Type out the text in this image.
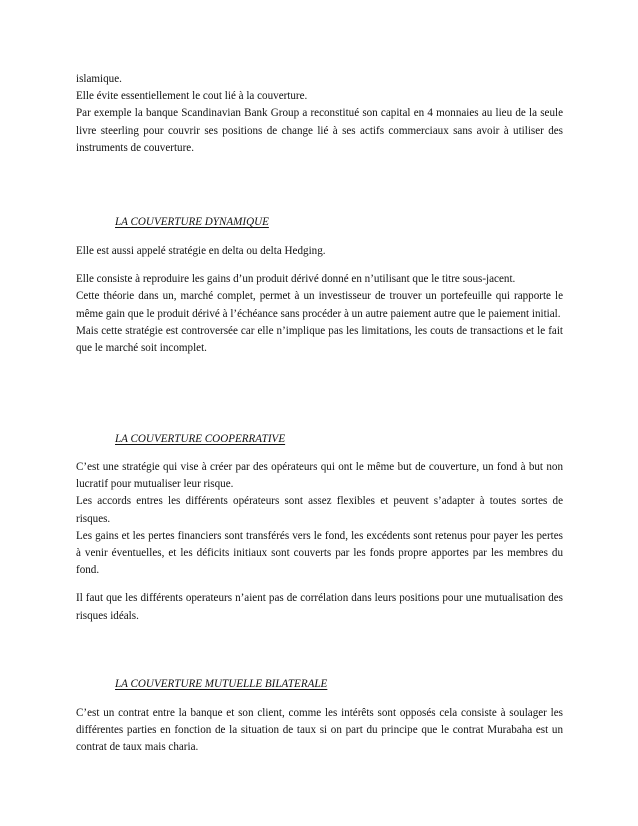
islamique.
Elle évite essentiellement le cout lié à la couverture.
Par exemple la banque Scandinavian Bank Group a reconstitué son capital en 4 monnaies au lieu de la seule livre steerling pour couvrir ses positions de change lié à ses actifs commerciaux sans avoir à utiliser des instruments de couverture.
LA COUVERTURE DYNAMIQUE
Elle est aussi appelé stratégie en delta ou delta Hedging.
Elle consiste à reproduire les gains d’un produit dérivé donné en n’utilisant que le titre sous-jacent.
Cette théorie dans un, marché complet, permet à un investisseur de trouver un portefeuille qui rapporte le même gain que le produit dérivé à l’échéance sans procéder à un autre paiement autre que le paiement initial.
Mais cette stratégie est controversée car elle n’implique pas les limitations, les couts de transactions et le fait que le marché soit incomplet.
LA COUVERTURE COOPERRATIVE
C’est une stratégie qui vise à créer par des opérateurs qui ont le même but de couverture, un fond à but non lucratif pour mutualiser leur risque.
Les accords entres les différents opérateurs sont assez flexibles et peuvent s’adapter à toutes sortes de risques.
Les gains et les pertes financiers sont transférés vers le fond, les excédents sont retenus pour payer les pertes à venir éventuelles, et les déficits initiaux sont couverts par les fonds propre apportes par les membres du fond.
Il faut que les différents operateurs n’aient pas de corrélation dans leurs positions pour une mutualisation des risques idéals.
LA COUVERTURE MUTUELLE BILATERALE
C’est un contrat entre la banque et son client, comme les intérêts sont opposés cela consiste à soulager les différentes parties en fonction de la situation de taux si on part du principe que le contrat Murabaha est un contrat de taux mais charia.
